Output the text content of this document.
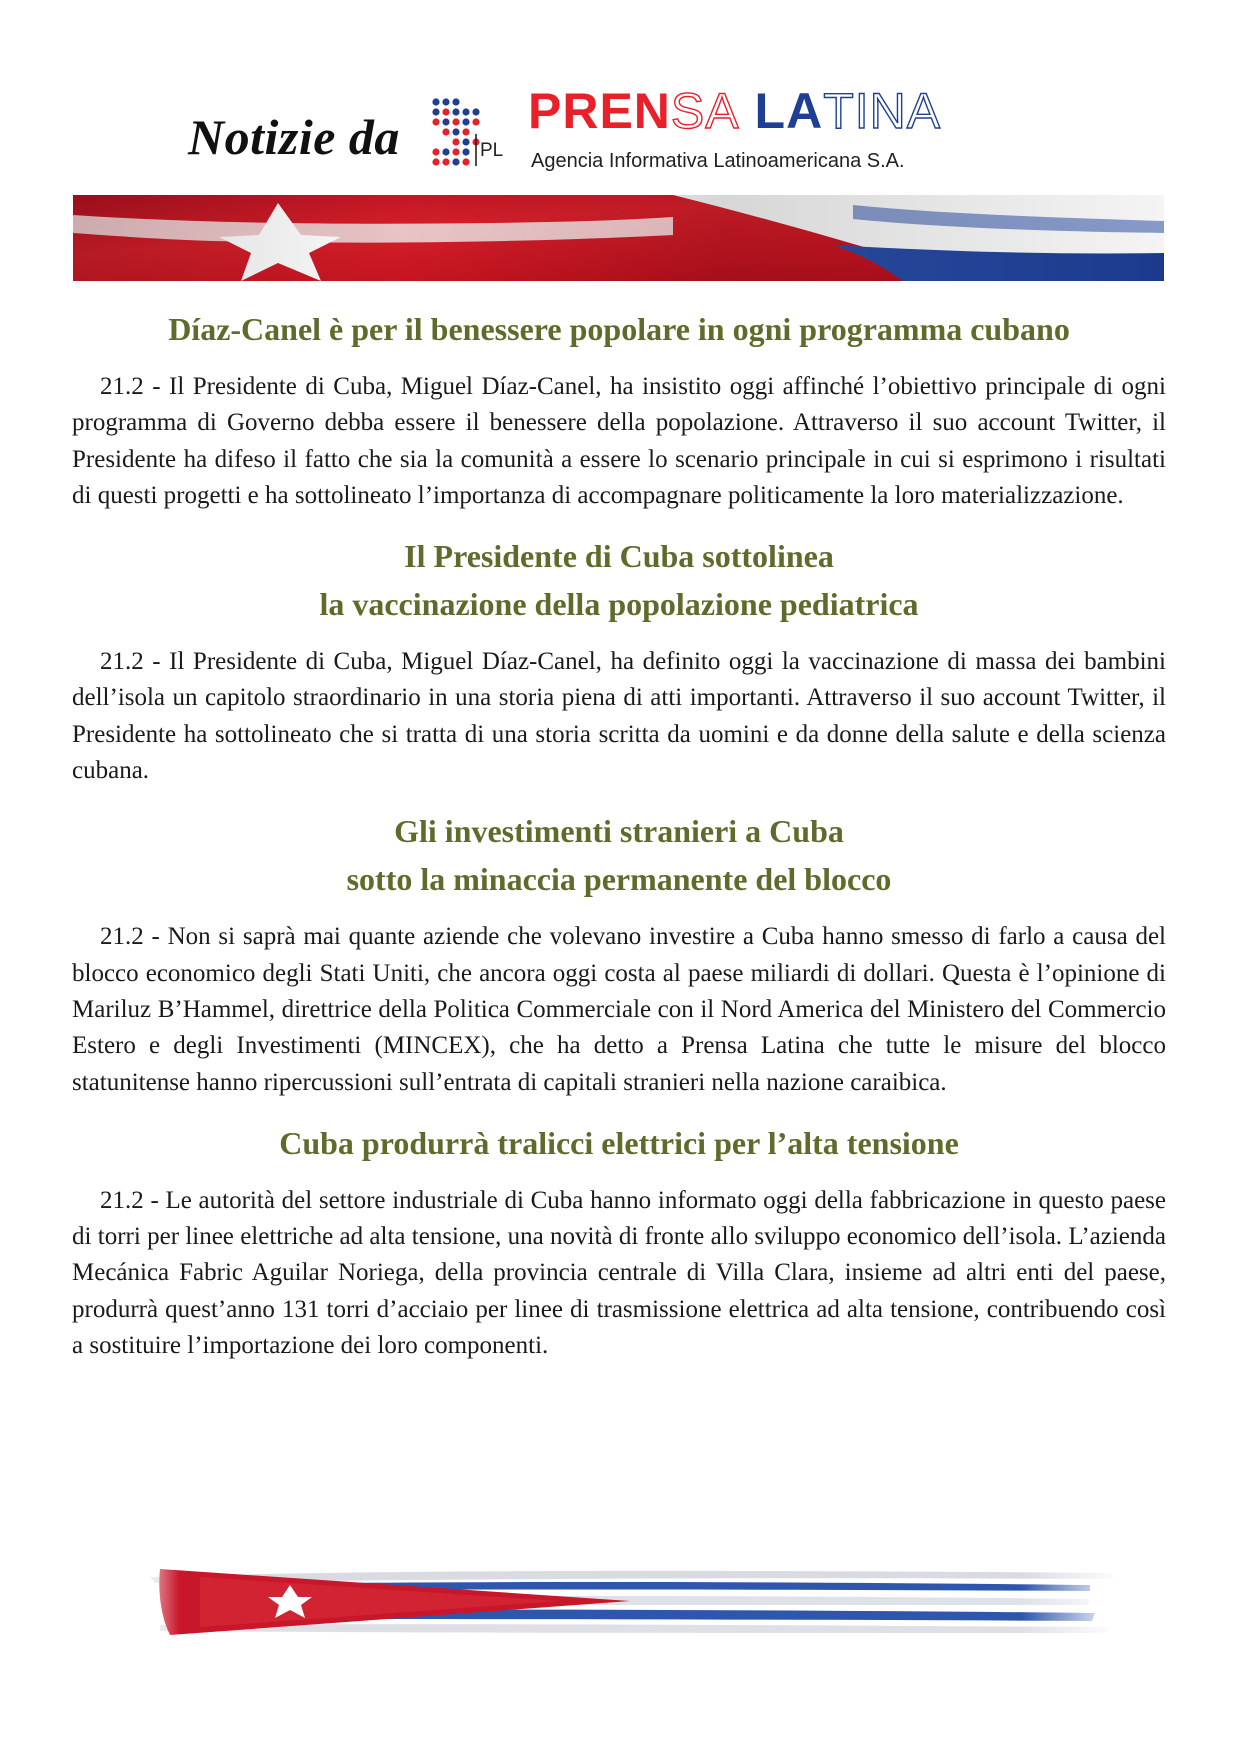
Notizie da	PL
PRENSA LATINA
Agencia Informativa Latinoamericana S.A.
Díaz-Canel è per il benessere popolare in ogni programma cubano

21.2 - Il Presidente di Cuba, Miguel Díaz-Canel, ha insistito oggi affinché l’obiettivo principale di ogni programma di Governo debba essere il benessere della popolazione. Attraverso il suo account Twitter, il Presidente ha difeso il fatto che sia la comunità a essere lo scenario principale in cui si esprimono i risultati di questi progetti e ha sottolineato l’importanza di accompagnare politicamente la loro materializzazione.

Il Presidente di Cuba sottolinea
la vaccinazione della popolazione pediatrica

21.2 - Il Presidente di Cuba, Miguel Díaz-Canel, ha definito oggi la vaccinazione di massa dei bambini dell’isola un capitolo straordinario in una storia piena di atti importanti. Attraverso il suo account Twitter, il Presidente ha sottolineato che si tratta di una storia scritta da uomini e da donne della salute e della scienza cubana.

Gli investimenti stranieri a Cuba
sotto la minaccia permanente del blocco

21.2 - Non si saprà mai quante aziende che volevano investire a Cuba hanno smesso di farlo a causa del blocco economico degli Stati Uniti, che ancora oggi costa al paese miliardi di dollari. Questa è l’opinione di Mariluz B’Hammel, direttrice della Politica Commerciale con il Nord America del Ministero del Commercio Estero e degli Investimenti (MINCEX), che ha detto a Prensa Latina che tutte le misure del blocco statunitense hanno ripercussioni sull’entrata di capitali stranieri nella nazione caraibica.

Cuba produrrà tralicci elettrici per l’alta tensione

21.2 - Le autorità del settore industriale di Cuba hanno informato oggi della fabbricazione in questo paese di torri per linee elettriche ad alta tensione, una novità di fronte allo sviluppo economico dell’isola. L’azienda Mecánica Fabric Aguilar Noriega, della provincia centrale di Villa Clara, insieme ad altri enti del paese, produrrà quest’anno 131 torri d’acciaio per linee di trasmissione elettrica ad alta tensione, contribuendo così a sostituire l’importazione dei loro componenti.
